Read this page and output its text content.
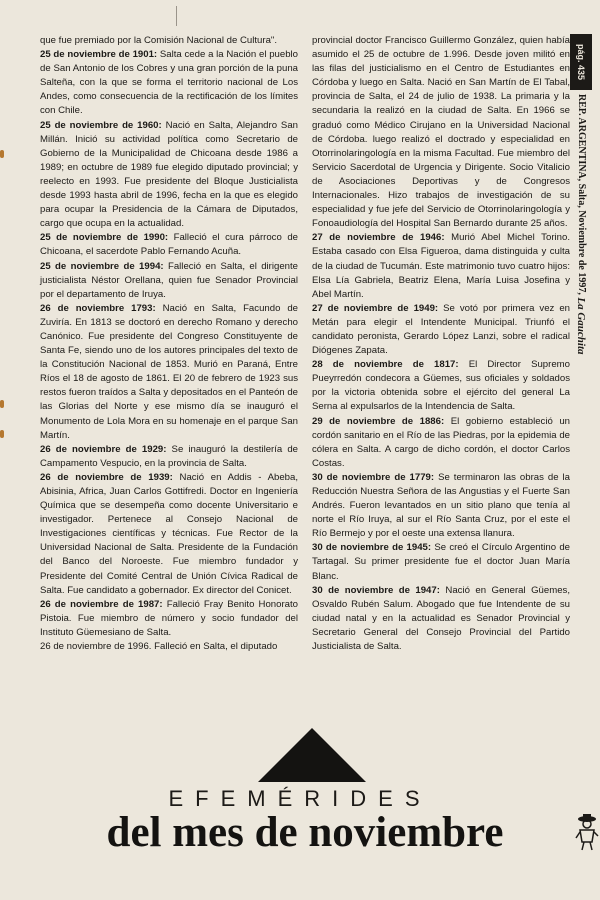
que fue premiado por la Comisión Nacional de Cultura".

25 de noviembre de 1901: Salta cede a la Nación el pueblo de San Antonio de los Cobres y una gran porción de la puna Salteña, con la que se forma el territorio nacional de Los Andes, como consecuencia de la rectificación de los límites con Chile.

25 de noviembre de 1960: Nació en Salta, Alejandro San Millán. Inició su actividad política como Secretario de Gobierno de la Municipalidad de Chicoana desde 1986 a 1989; en octubre de 1989 fue elegido diputado provincial; y reelecto en 1993. Fue presidente del Bloque Justicialista desde 1993 hasta abril de 1996, fecha en la que es elegido para ocupar la Presidencia de la Cámara de Diputados, cargo que ocupa en la actualidad.

25 de noviembre de 1990: Falleció el cura párroco de Chicoana, el sacerdote Pablo Fernando Acuña.

25 de noviembre de 1994: Falleció en Salta, el dirigente justicialista Néstor Orellana, quien fue Senador Provincial por el departamento de Iruya.

26 de noviembre 1793: Nació en Salta, Facundo de Zuviría. En 1813 se doctoró en derecho Romano y derecho Canónico. Fue presidente del Congreso Constituyente de Santa Fe, siendo uno de los autores principales del texto de la Constitución Nacional de 1853. Murió en Paraná, Entre Ríos el 18 de agosto de 1861. El 20 de febrero de 1923 sus restos fueron traídos a Salta y depositados en el Panteón de las Glorias del Norte y ese mismo día se inauguró el Monumento de Lola Mora en su homenaje en el parque San Martín.

26 de noviembre de 1929: Se inauguró la destilería de Campamento Vespucio, en la provincia de Salta.

26 de noviembre de 1939: Nació en Addis - Abeba, Abisinia, Africa, Juan Carlos Gottifredi. Doctor en Ingeniería Química que se desempeña como docente Universitario e investigador. Pertenece al Consejo Nacional de Investigaciones científicas y técnicas. Fue Rector de la Universidad Nacional de Salta. Presidente de la Fundación del Banco del Noroeste. Fue miembro fundador y Presidente del Comité Central de Unión Cívica Radical de Salta. Fue candidato a gobernador. Ex director del Conicet.

26 de noviembre de 1987: Falleció Fray Benito Honorato Pistoia. Fue miembro de número y socio fundador del Instituto Güemesiano de Salta.

26 de noviembre de 1996. Falleció en Salta, el diputado

provincial doctor Francisco Guillermo González, quien había asumido el 25 de octubre de 1.996. Desde joven militó en las filas del justicialismo en el Centro de Estudiantes en Córdoba y luego en Salta. Nació en San Martín de El Tabal, provincia de Salta, el 24 de julio de 1938. La primaria y la secundaria la realizó en la ciudad de Salta. En 1966 se graduó como Médico Cirujano en la Universidad Nacional de Córdoba. luego realizó el doctrado y especialidad en Otorrinolaringología en la misma Facultad. Fue miembro del Servicio Sacerdotal de Urgencia y Dirigente. Socio Vitalicio de Asociaciones Deportivas y de Congresos Internacionales. Hizo trabajos de investigación de su especialidad y fue jefe del Servicio de Otorrinolaringología y Fonoaudiología del Hospital San Bernardo durante 25 años.

27 de noviembre de 1946: Murió Abel Michel Torino. Estaba casado con Elsa Figueroa, dama distinguida y culta de la ciudad de Tucumán. Este matrimonio tuvo cuatro hijos: Elsa Lía Gabriela, Beatriz Elena, María Luisa Josefina y Abel Martín.

27 de noviembre de 1949: Se votó por primera vez en Metán para elegir el Intendente Municipal. Triunfó el candidato peronista, Gerardo López Lanzi, sobre el radical Diógenes Zapata.

28 de noviembre de 1817: El Director Supremo Pueyrredón condecora a Güemes, sus oficiales y soldados por la victoria obtenida sobre el ejército del general La Serna al expulsarlos de la Intendencia de Salta.

29 de noviembre de 1886: El gobierno estableció un cordón sanitario en el Río de las Piedras, por la epidemia de cólera en Salta. A cargo de dicho cordón, el doctor Carlos Costas.

30 de noviembre de 1779: Se terminaron las obras de la Reducción Nuestra Señora de las Angustias y el Fuerte San Andrés. Fueron levantados en un sitio plano que tenía al norte el Río Iruya, al sur el Río Santa Cruz, por el este el Río Bermejo y por el oeste una extensa llanura.

30 de noviembre de 1945: Se creó el Círculo Argentino de Tartagal. Su primer presidente fue el doctor Juan María Blanc.

30 de noviembre de 1947: Nació en General Güemes, Osvaldo Rubén Salum. Abogado que fue Intendente de su ciudad natal y en la actualidad es Senador Provincial y Secretario General del Consejo Provincial del Partido Justicialista de Salta.

pág. 435
REP. ARGENTINA, Salta, Noviembre de 1997, La Gauchita
EFEMÉRIDES
del mes de noviembre
